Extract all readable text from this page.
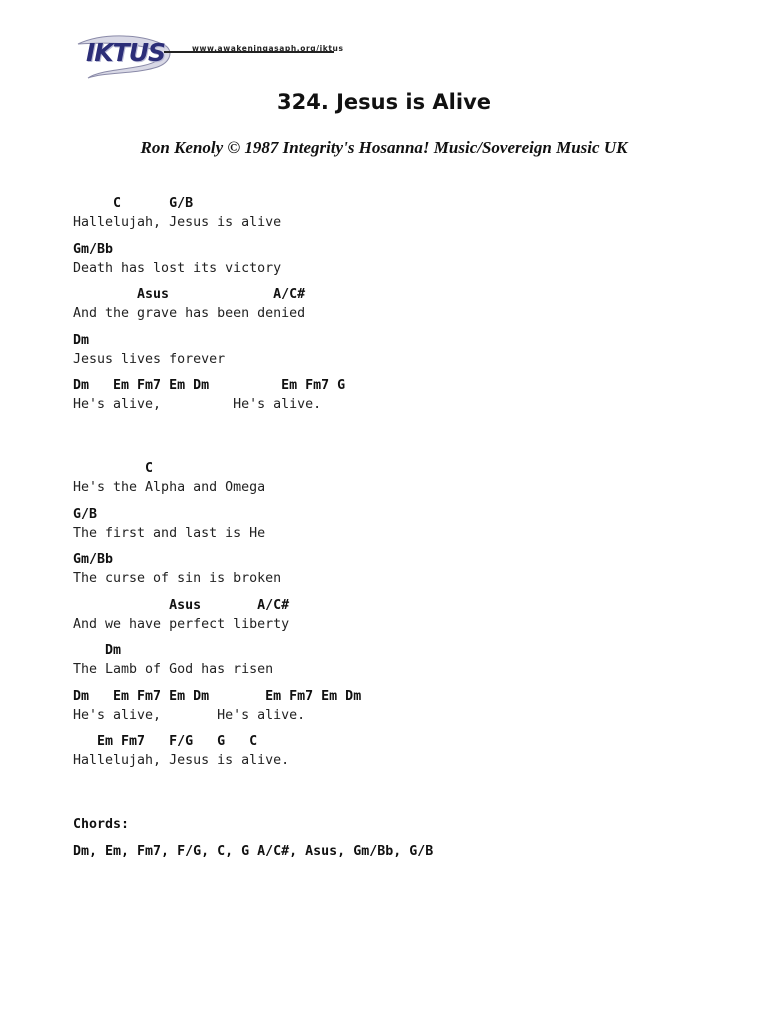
IKTUS	www.awakeningasaph.org/iktus
324. Jesus is Alive
Ron Kenoly © 1987 Integrity's Hosanna! Music/Sovereign Music UK
C      G/B
Hallelujah, Jesus is alive
Gm/Bb
Death has lost its victory
Asus             A/C#
And the grave has been denied
Dm
Jesus lives forever
Dm   Em Fm7 Em Dm         Em Fm7 G
He's alive,         He's alive.
C
He's the Alpha and Omega
G/B
The first and last is He
Gm/Bb
The curse of sin is broken
Asus       A/C#
And we have perfect liberty
Dm
The Lamb of God has risen
Dm   Em Fm7 Em Dm       Em Fm7 Em Dm
He's alive,       He's alive.
Em Fm7   F/G   G   C
Hallelujah, Jesus is alive.
Chords:
Dm, Em, Fm7, F/G, C, G A/C#, Asus, Gm/Bb, G/B
